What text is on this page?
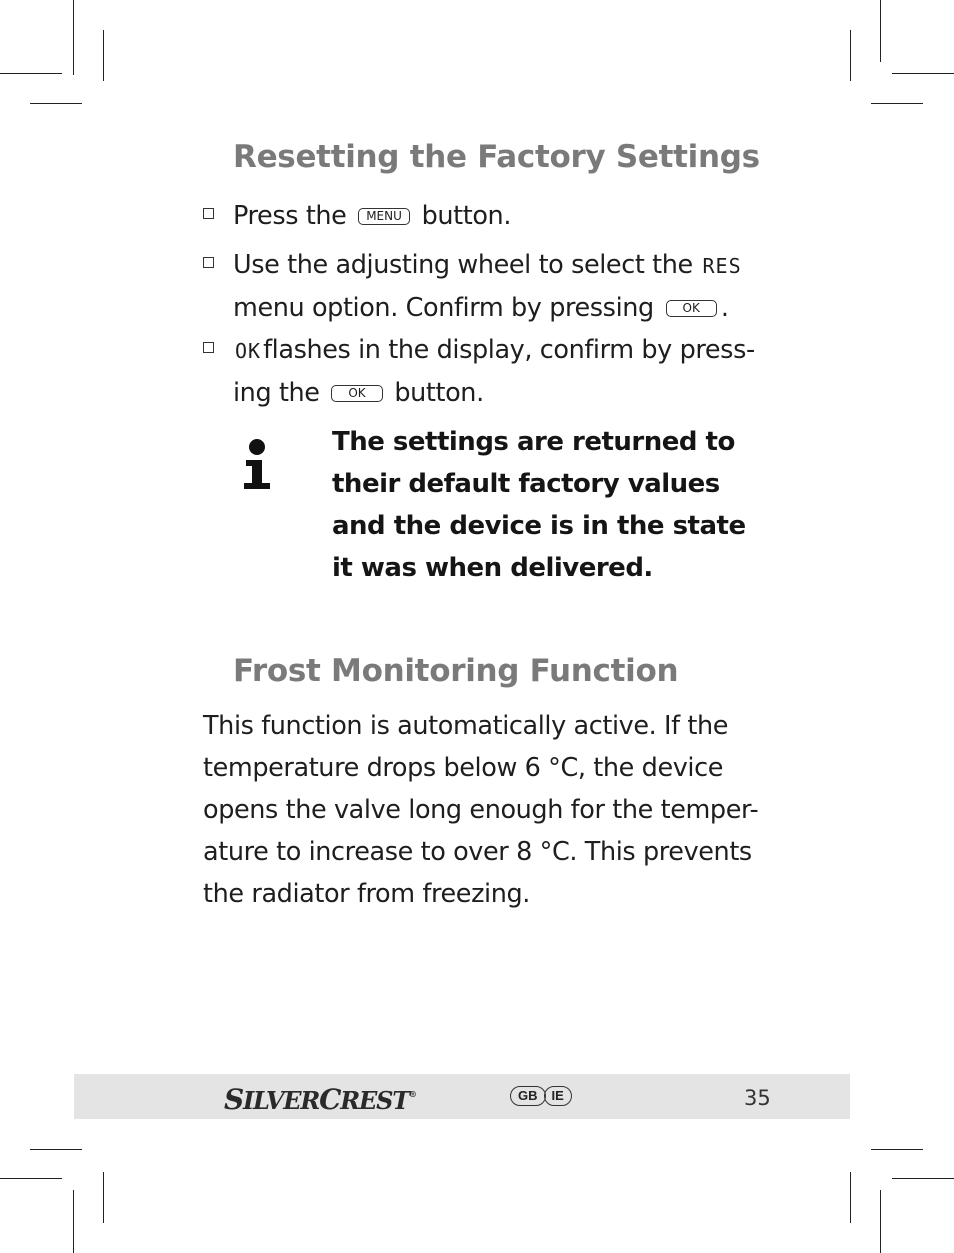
Resetting the Factory Settings
Press the MENU button.
Use the adjusting wheel to select the RES menu option. Confirm by pressing OK .
OKflashes in the display, confirm by press-ing the OK button.
The settings are returned to their default factory values and the device is in the state it was when delivered.
Frost Monitoring Function
This function is automatically active. If the temperature drops below 6 °C, the device opens the valve long enough for the temper-ature to increase to over 8 °C. This prevents the radiator from freezing.
SILVERCREST®	GB	IE	35
